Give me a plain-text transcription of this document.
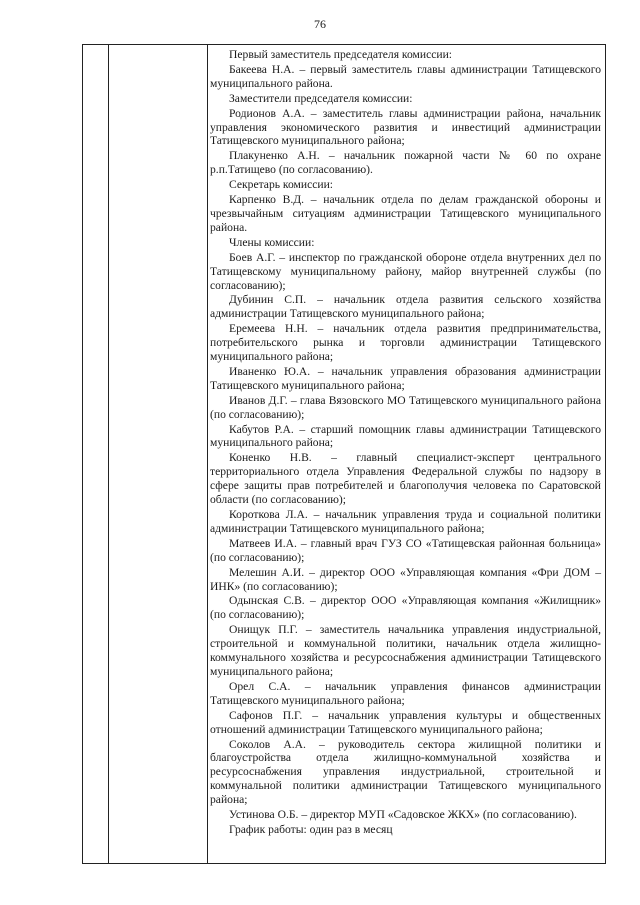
76

Первый заместитель председателя комиссии:

Бакеева Н.А. – первый заместитель главы администрации Татищевского муниципального района.

Заместители председателя комиссии:

Родионов А.А. – заместитель главы администрации района, начальник управления экономического развития и инвестиций администрации Татищевского муниципального района;

Плакуненко А.Н. – начальник пожарной части № 60 по охране р.п.Татищево (по согласованию).

Секретарь комиссии:

Карпенко В.Д. – начальник отдела по делам гражданской обороны и чрезвычайным ситуациям администрации Татищевского муниципального района.

Члены комиссии:

Боев А.Г. – инспектор по гражданской обороне отдела внутренних дел по Татищевскому муниципальному району, майор внутренней службы (по согласованию);

Дубинин С.П. – начальник отдела развития сельского хозяйства администрации Татищевского муниципального района;

Еремеева Н.Н. – начальник отдела развития предпринимательства, потребительского рынка и торговли администрации Татищевского муниципального района;

Иваненко Ю.А. – начальник управления образования администрации Татищевского муниципального района;

Иванов Д.Г. – глава Вязовского МО Татищевского муниципального района (по согласованию);

Кабутов Р.А. – старший помощник главы администрации Татищевского муниципального района;

Коненко Н.В. – главный специалист-эксперт центрального территориального отдела Управления Федеральной службы по надзору в сфере защиты прав потребителей и благополучия человека по Саратовской области (по согласованию);

Короткова Л.А. – начальник управления труда и социальной политики администрации Татищевского муниципального района;

Матвеев И.А. – главный врач ГУЗ СО «Татищевская районная больница» (по согласованию);

Мелешин А.И. – директор ООО «Управляющая компания «Фри ДОМ – ИНК» (по согласованию);

Одынская С.В. – директор ООО «Управляющая компания «Жилищник» (по согласованию);

Онищук П.Г. – заместитель начальника управления индустриальной, строительной и коммунальной политики, начальник отдела жилищно-коммунального хозяйства и ресурсоснабжения администрации Татищевского муниципального района;

Орел С.А. – начальник управления финансов администрации Татищевского муниципального района;

Сафонов П.Г. – начальник управления культуры и общественных отношений администрации Татищевского муниципального района;

Соколов А.А. – руководитель сектора жилищной политики и благоустройства отдела жилищно-коммунальной хозяйства и ресурсоснабжения управления индустриальной, строительной и коммунальной политики администрации Татищевского муниципального района;

Устинова О.Б. – директор МУП «Садовское ЖКХ» (по согласованию).

График работы: один раз в месяц
